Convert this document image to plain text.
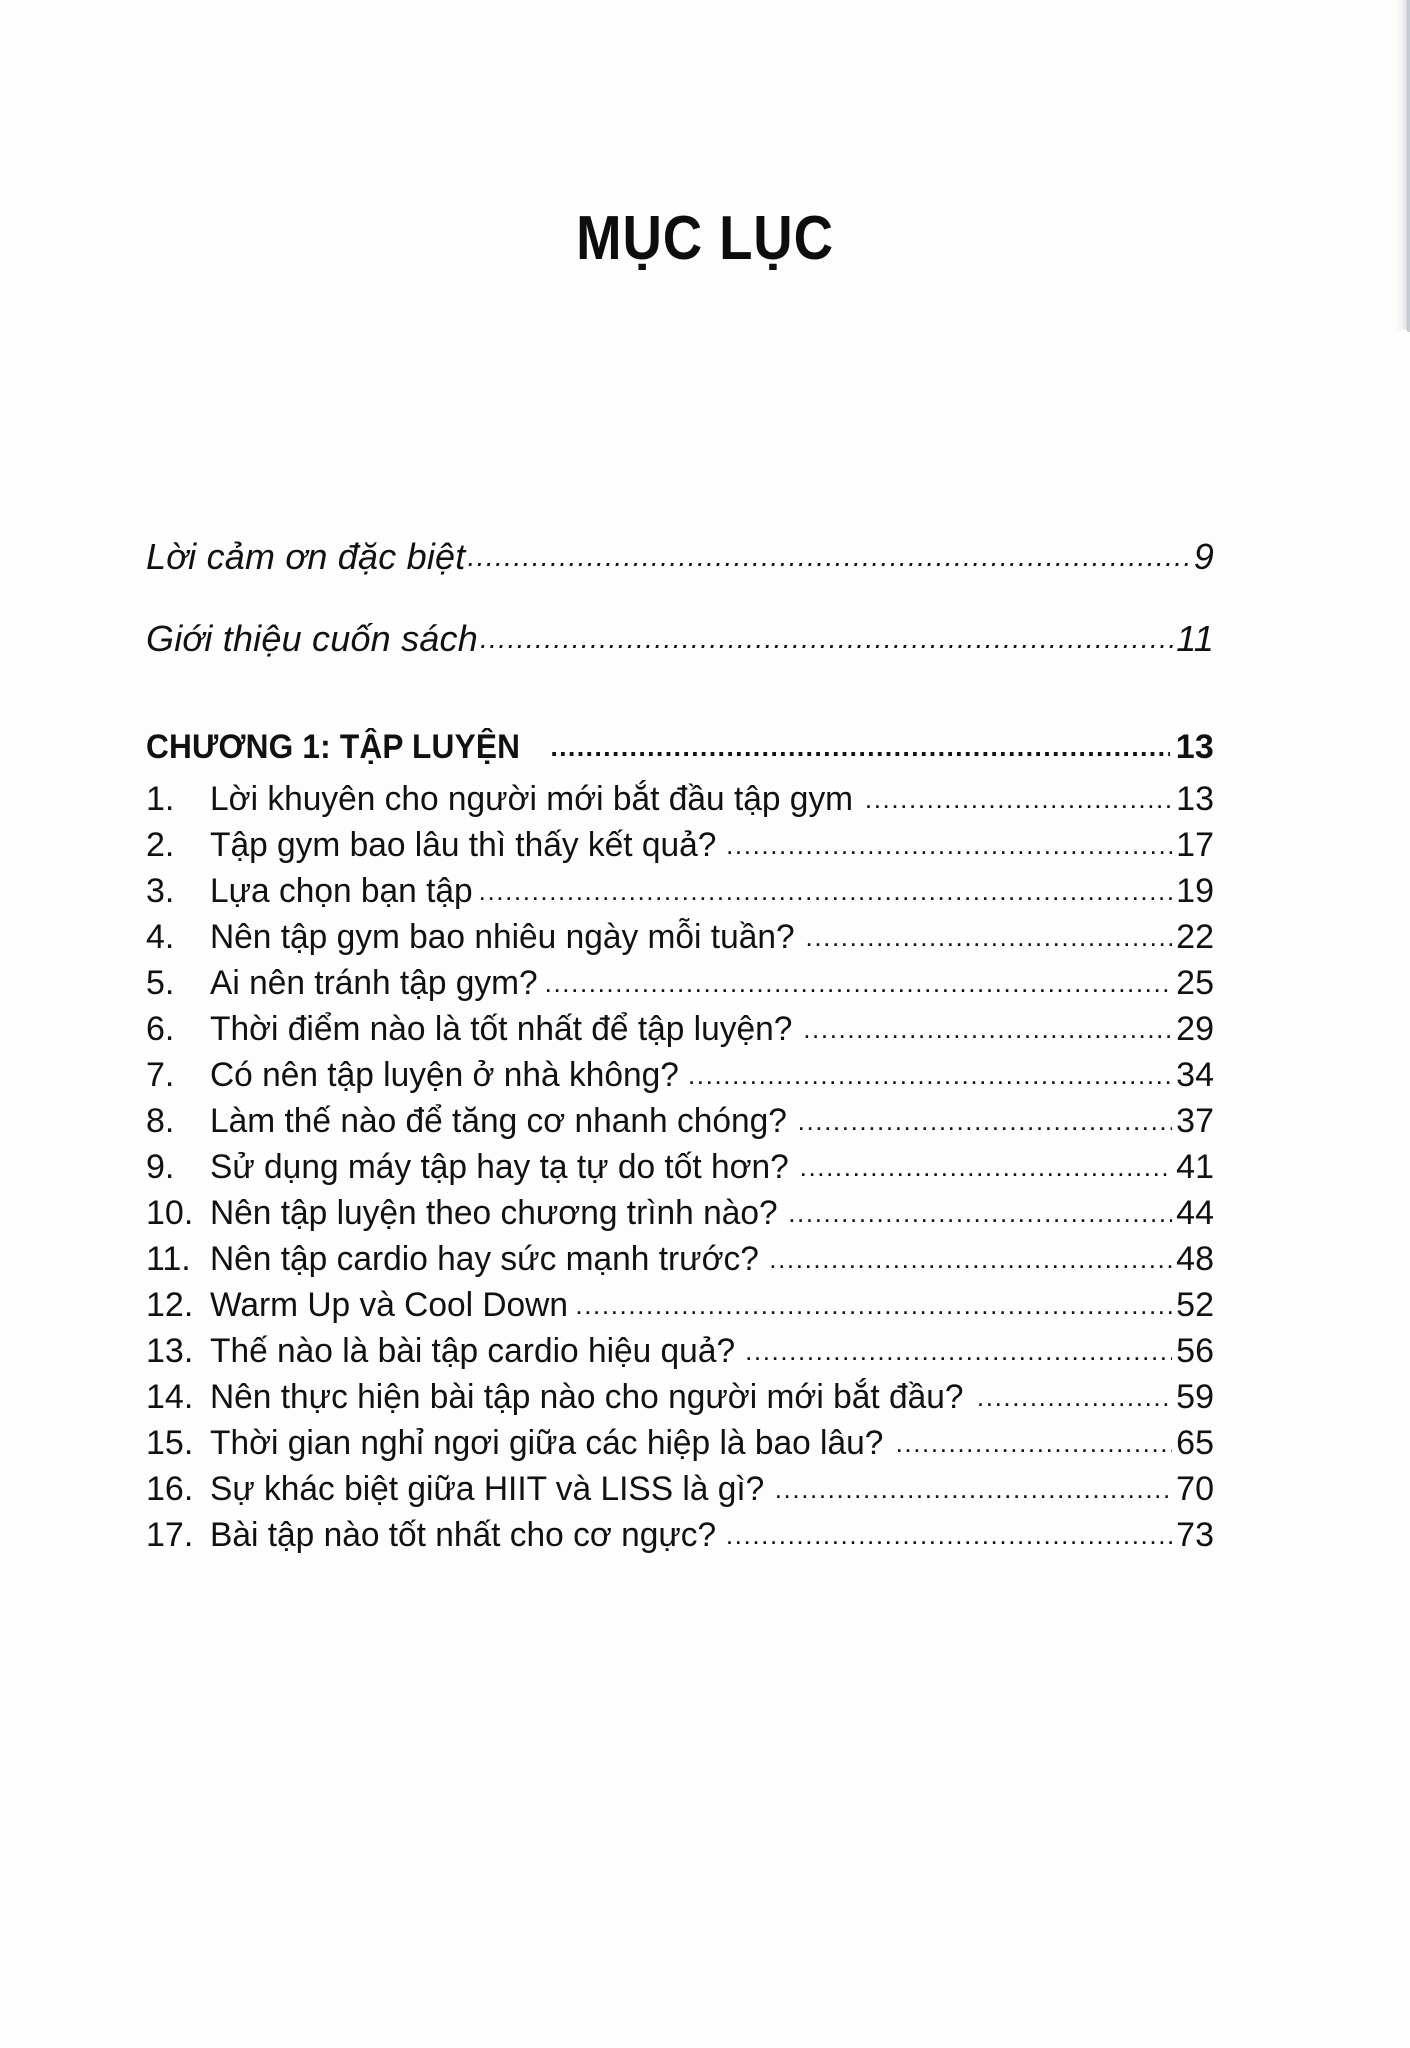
MỤC LỤC
Lời cảm ơn đặc biệt .....	9
Giới thiệu cuốn sách .....	11
CHƯƠNG 1: TẬP LUYỆN .....	13
1.	Lời khuyên cho người mới bắt đầu tập gym .....	13
2.	Tập gym bao lâu thì thấy kết quả? .....	17
3.	Lựa chọn bạn tập .....	19
4.	Nên tập gym bao nhiêu ngày mỗi tuần? .....	22
5.	Ai nên tránh tập gym? .....	25
6.	Thời điểm nào là tốt nhất để tập luyện? .....	29
7.	Có nên tập luyện ở nhà không? .....	34
8.	Làm thế nào để tăng cơ nhanh chóng? .....	37
9.	Sử dụng máy tập hay tạ tự do tốt hơn? .....	41
10. Nên tập luyện theo chương trình nào? .....	44
11. Nên tập cardio hay sức mạnh trước? .....	48
12. Warm Up và Cool Down .....	52
13. Thế nào là bài tập cardio hiệu quả? .....	56
14. Nên thực hiện bài tập nào cho người mới bắt đầu? .....	59
15. Thời gian nghỉ ngơi giữa các hiệp là bao lâu? .....	65
16. Sự khác biệt giữa HIIT và LISS là gì? .....	70
17. Bài tập nào tốt nhất cho cơ ngực? .....	73
